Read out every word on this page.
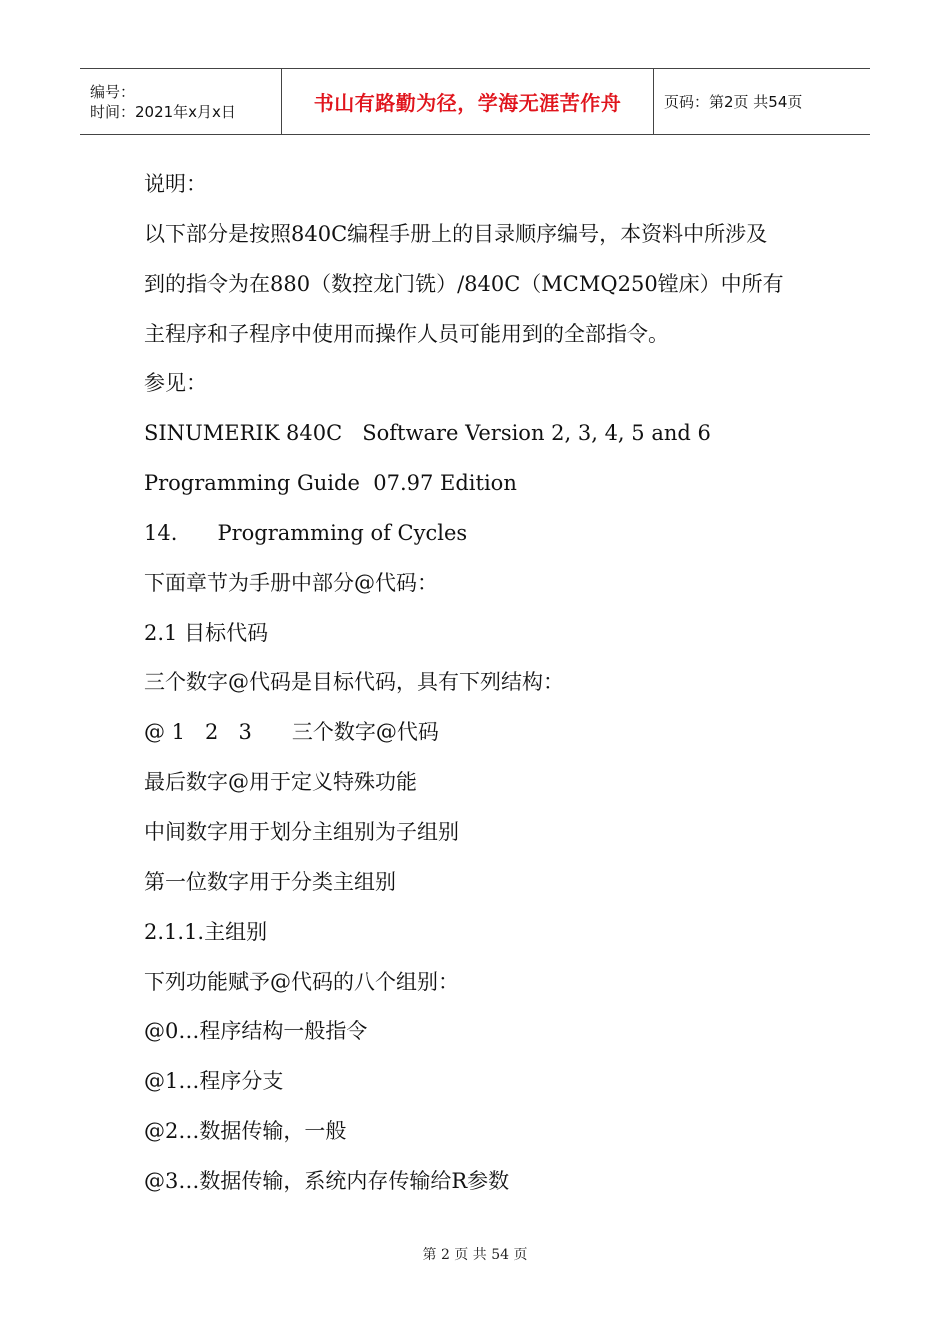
编号：
时间：2021年x月x日	书山有路勤为径，学海无涯苦作舟	页码：第2页 共54页
说明：
以下部分是按照840C编程手册上的目录顺序编号，本资料中所涉及
到的指令为在880（数控龙门铣）/840C（MCMQ250镗床）中所有
主程序和子程序中使用而操作人员可能用到的全部指令。
参见：
SINUMERIK 840C   Software Version 2, 3, 4, 5 and 6
Programming Guide  07.97 Edition
14.      Programming of Cycles
下面章节为手册中部分@代码：
2.1 目标代码
三个数字@代码是目标代码，具有下列结构：
@ 1   2   3      三个数字@代码
最后数字@用于定义特殊功能
中间数字用于划分主组别为子组别
第一位数字用于分类主组别
2.1.1.主组别
下列功能赋予@代码的八个组别：
@0…程序结构一般指令
@1…程序分支
@2…数据传输，一般
@3…数据传输，系统内存传输给R参数
第 2 页 共 54 页
